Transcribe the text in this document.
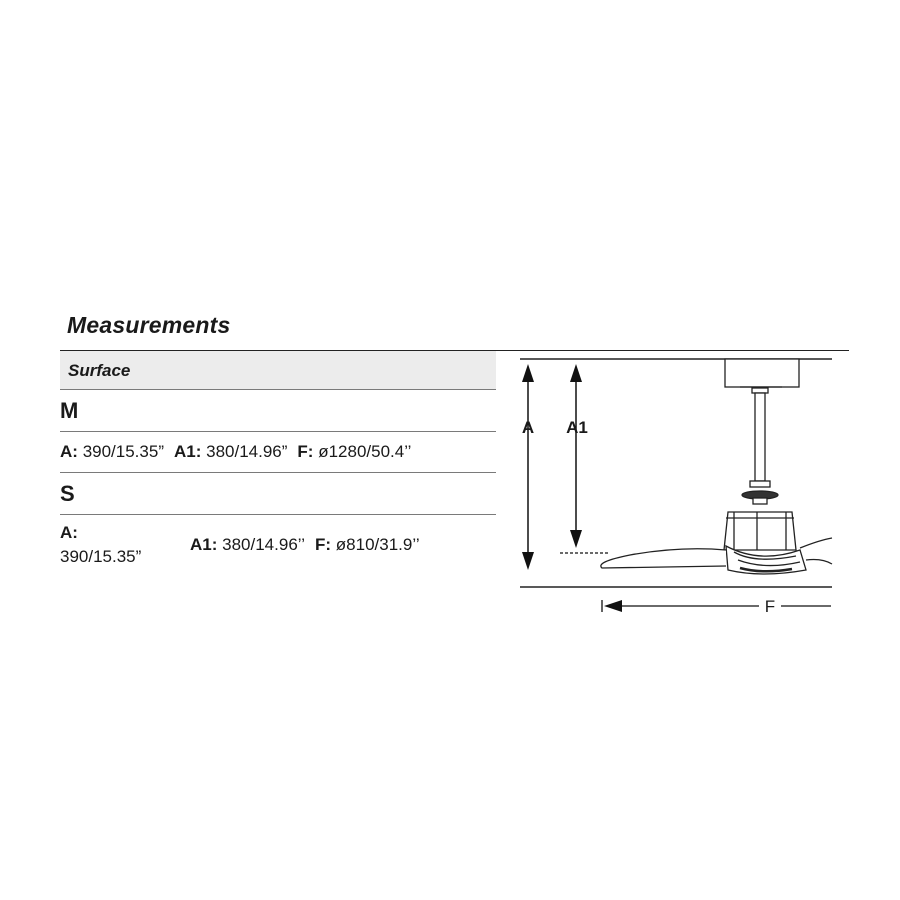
Measurements
Surface
M
A: 390/15.35” A1: 380/14.96” F: ø1280/50.4’’
S
A:
390/15.35”
A1: 380/14.96’’ F: ø810/31.9’’
A A1
F
